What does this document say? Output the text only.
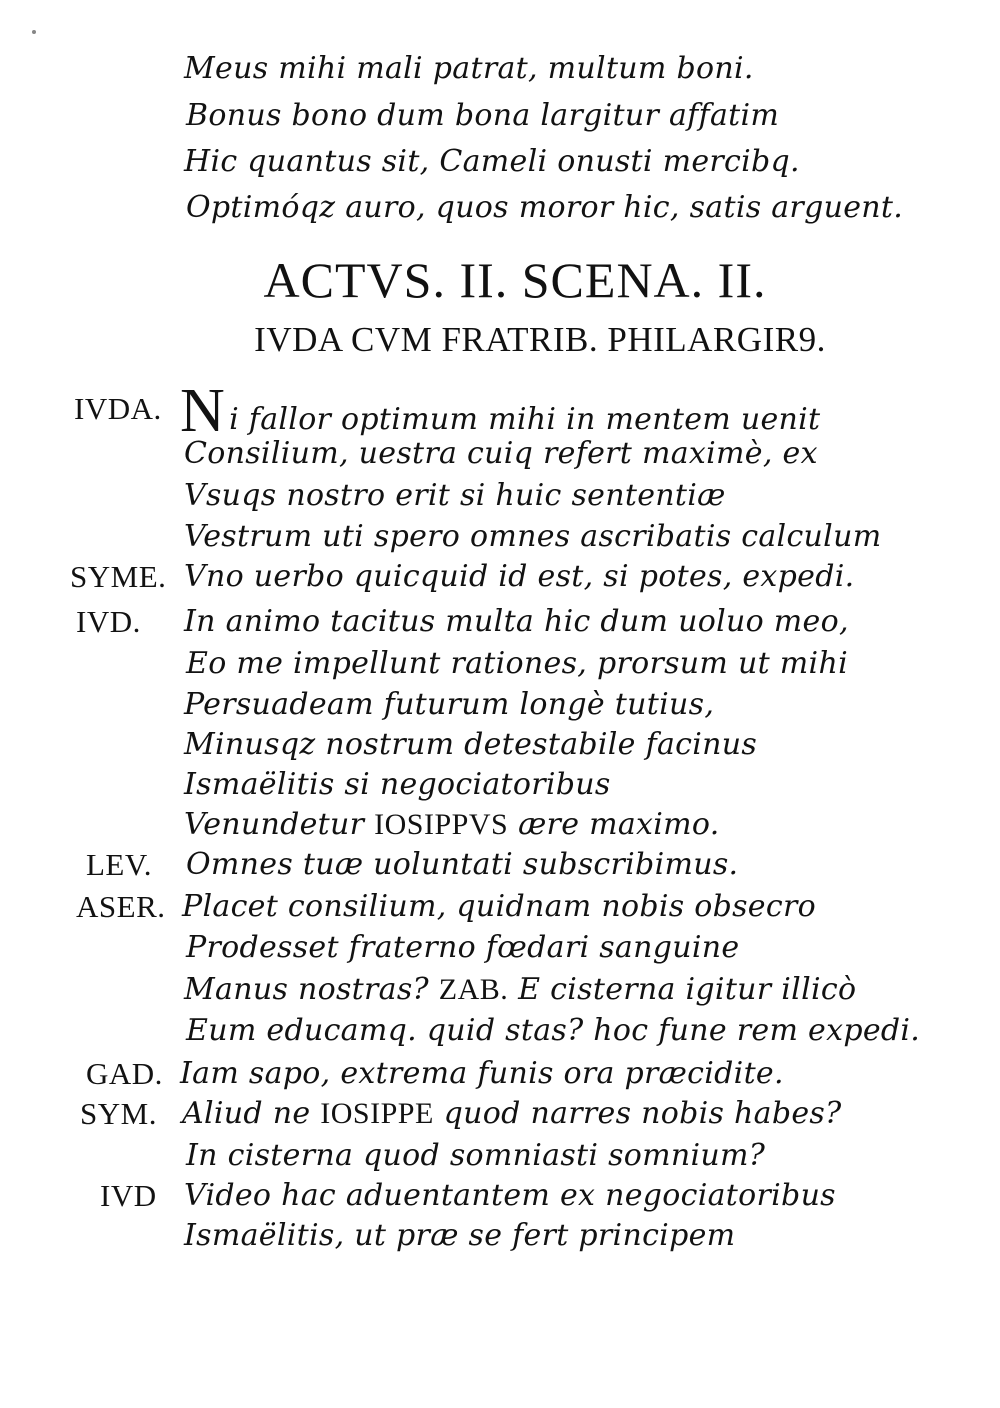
Meus mihi mali patrat, multum boni.
Bonus bono dum bona largitur affatim
Hic quantus sit, Cameli onusti mercibq.
Optimóqz auro, quos moror hic, satis arguent.
ACTVS. II. SCENA. II.
IVDA CVM FRATRIB. PHILARGIR9.
IVDA. Ni fallor optimum mihi in mentem uenit
Consilium, uestra cuiq refert maximè, ex
Vsuqs nostro erit si huic sententiæ
Vestrum uti spero omnes ascribatis calculum
SYME. Vno uerbo quicquid id est, si potes, expedi.
IVD. In animo tacitus multa hic dum uoluo meo,
Eo me impellunt rationes, prorsum ut mihi
Persuadeam futurum longè tutius,
Minusqz nostrum detestabile facinus
Ismaëlitis si negociatoribus
Venundetur IOSIPPVS ære maximo.
LEV. Omnes tuæ uoluntati subscribimus.
ASER. Placet consilium, quidnam nobis obsecro
Prodesset fraterno fœdari sanguine
Manus nostras? ZAB. E cisterna igitur illicò
Eum educamq. quid stas? hoc fune rem expedi.
GAD. Iam sapo, extrema funis ora præcidite.
SYM. Aliud ne IOSIPPE quod narres nobis habes?
In cisterna quod somniasti somnium?
IVD Video hac aduentantem ex negociatoribus
Ismaëlitis, ut præ se fert principem
